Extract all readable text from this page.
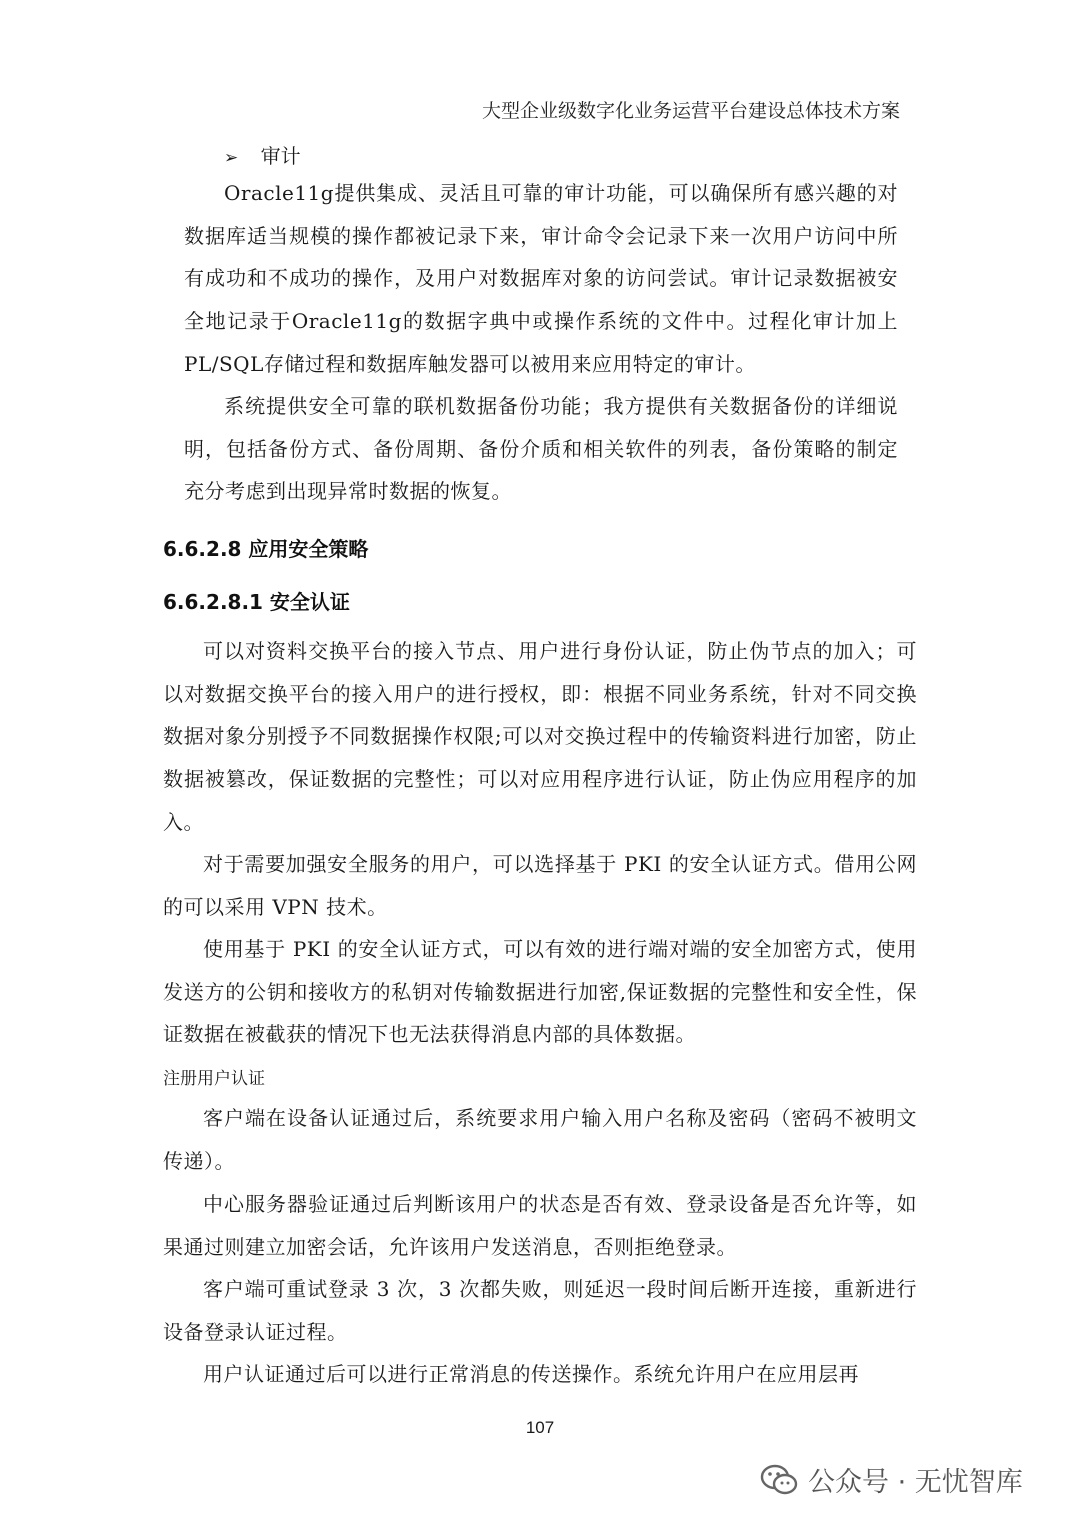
大型企业级数字化业务运营平台建设总体技术方案
➢ 审计

Oracle11g提供集成、灵活且可靠的审计功能，可以确保所有感兴趣的对数据库适当规模的操作都被记录下来，审计命令会记录下来一次用户访问中所有成功和不成功的操作，及用户对数据库对象的访问尝试。审计记录数据被安全地记录于Oracle11g的数据字典中或操作系统的文件中。过程化审计加上PL/SQL存储过程和数据库触发器可以被用来应用特定的审计。

系统提供安全可靠的联机数据备份功能；我方提供有关数据备份的详细说明，包括备份方式、备份周期、备份介质和相关软件的列表，备份策略的制定充分考虑到出现异常时数据的恢复。

6.6.2.8 应用安全策略
6.6.2.8.1 安全认证

可以对资料交换平台的接入节点、用户进行身份认证，防止伪节点的加入；可以对数据交换平台的接入用户的进行授权，即：根据不同业务系统，针对不同交换数据对象分别授予不同数据操作权限;可以对交换过程中的传输资料进行加密，防止数据被篡改，保证数据的完整性；可以对应用程序进行认证，防止伪应用程序的加入。

对于需要加强安全服务的用户，可以选择基于 PKI 的安全认证方式。借用公网的可以采用 VPN 技术。

使用基于 PKI 的安全认证方式，可以有效的进行端对端的安全加密方式，使用发送方的公钥和接收方的私钥对传输数据进行加密,保证数据的完整性和安全性，保证数据在被截获的情况下也无法获得消息内部的具体数据。

注册用户认证

客户端在设备认证通过后，系统要求用户输入用户名称及密码（密码不被明文传递）。

中心服务器验证通过后判断该用户的状态是否有效、登录设备是否允许等，如果通过则建立加密会话，允许该用户发送消息，否则拒绝登录。

客户端可重试登录 3 次，3 次都失败，则延迟一段时间后断开连接，重新进行设备登录认证过程。

用户认证通过后可以进行正常消息的传送操作。系统允许用户在应用层再

107
公众号 · 无忧智库
